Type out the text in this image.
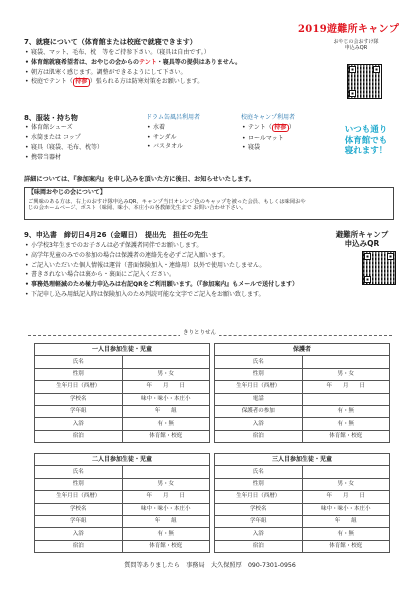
7、就寝について（体育館または校庭で就寝できます）
• 寝袋、マット、毛布、枕　等をご持参下さい。（寝具は自由です。）
• 体育館就寝希望者は、おやじの会からのテント・寝具等の提供はありません。
• 朝方は肌寒く感じます。調整ができるようにして下さい。
• 校庭でテント（ 持参 ）張られる方は防寒対策をお願いします。
2019遊難所キャンプ
おやじの会おすけ隊
申込みQR
8、服装・持ち物
• 体育館シューズ
• 水筒または コップ
• 寝具（寝袋、毛布、枕等）
• 携帯当器材
ドラム缶風呂利用者
• 水着
• サンダル
• バスタオル
校庭キャンプ利用者
• テント（ 持参 ）
• ロールマット
• 寝袋
いつも通り
体育館でも
寝れます！
詳細については、『参加案内』を申し込みを頂いた方に後日、お知らせいたします。
【味岡おやじの会について】
ご興味のある方は、右上のおすけ隊申込みQR、キャンプ当日オレンジ色のキャップを被った会員、もしくは味岡おや
じの会ホームページ、ポスト（味岡、味小、本庄小の各教師先生まで お問い合わせ下さい。
9、申込書　締切日4月26（金曜日）　提出先　担任の先生
• 小学校3年生までのお子さんは必ず保護者同伴でお願いします。
• 高学年児童のみでの参加の場合は保護者の連絡先を必ずご記入願います。
• ご記入いただいた個人情報は運営（書面保険加入・連絡用）以外で使用いたしません。
• 書きされない場合は裏から・裏面にご記入ください。
• 事務処理軽減のため極力申込みは右記QRをご利用願います。（『参加案内』もメールで送付します）
• 下記申し込み用紙記入時は保険加入のため判読可能な文字でご記入をお願い致します。
避難所キャンプ
申込みQR
きりとりせん
一人目参加生徒・児童	
氏名	
性別	男・女
生年月日（西暦）	年　　月　　日
学校名	味中・味小・本庄小
学年組	年　　組
入浴	有・無
宿泊	体育館・校庭
保護者	
氏名	
性別	男・女
生年月日（西暦）	年　　月　　日
電話	
保護者の参加	有・無
入浴	有・無
宿泊	体育館・校庭
二人目参加生徒・児童	
氏名	
性別	男・女
生年月日（西暦）	年　　月　　日
学校名	味中・味小・本庄小
学年組	年　　組
入浴	有・無
宿泊	体育館・校庭
三人目参加生徒・児童	
氏名	
性別	男・女
生年月日（西暦）	年　　月　　日
学校名	味中・味小・本庄小
学年組	年　　組
入浴	有・無
宿泊	体育館・校庭
質問等ありましたら　事務局　大久保照厚　090-7301-0956
